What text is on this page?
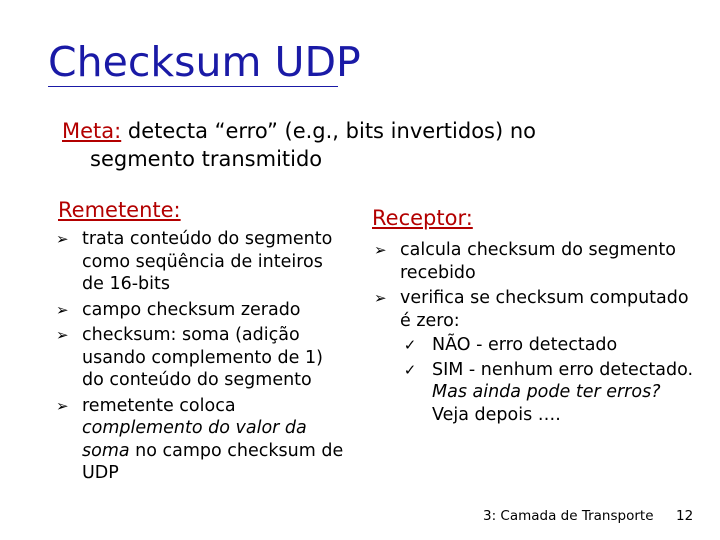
Checksum UDP
Meta: detecta “erro” (e.g., bits invertidos) no
segmento transmitido
Remetente:
➢ trata conteúdo do segmento como seqüência de inteiros de 16-bits
➢ campo checksum zerado
➢ checksum: soma (adição usando complemento de 1) do conteúdo do segmento
➢ remetente coloca complemento do valor da soma no campo checksum de UDP
Receptor:
➢ calcula checksum do segmento recebido
➢ verifica se checksum computado é zero:
✓ NÃO - erro detectado
✓ SIM - nenhum erro detectado. Mas ainda pode ter erros? Veja depois ….
3: Camada de Transporte 12
